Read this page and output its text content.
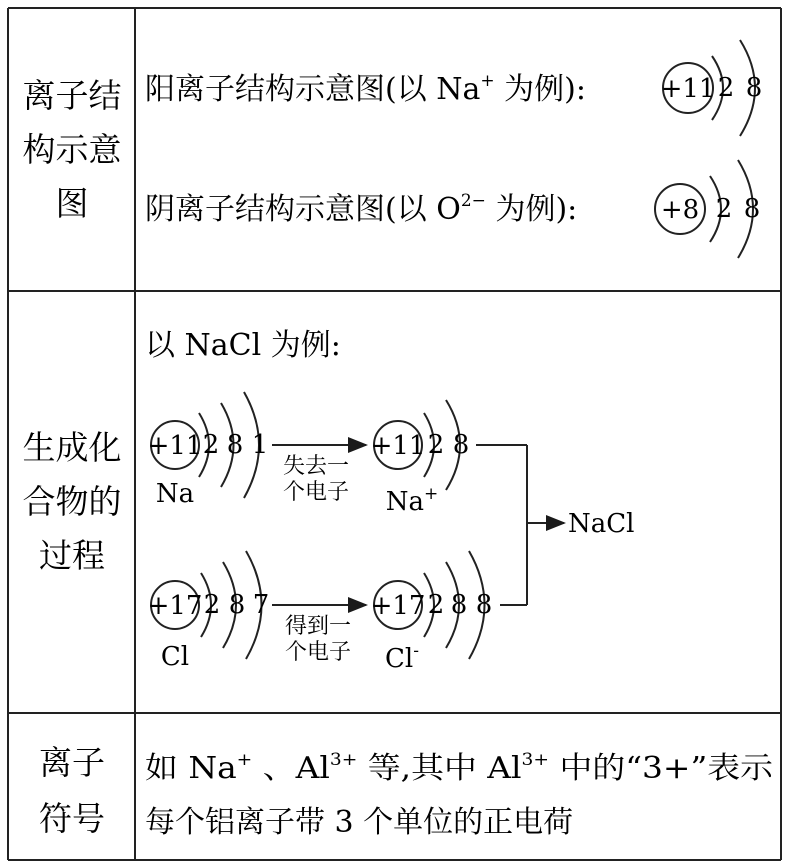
离子结
构示意
图
阳离子结构示意图(以 Na+ 为例):	+11 2 8
阴离子结构示意图(以 $O^{2-}$ 为例):	+8 2 8
生成化
合物的
过程
以 NaCl 为例:
+11 2 8 1
Na
失去一
个电子
+11 2 8
Na+
+17 2 8 7
Cl
得到一
个电子
+17 2 8 8
Cl-
NaCl
离子
符号
如 Na + 、Al $^{3+}$ 等,其中 Al $^{3+}$ 中的“3+”表示
每个铝离子带 3 个单位的正电荷
